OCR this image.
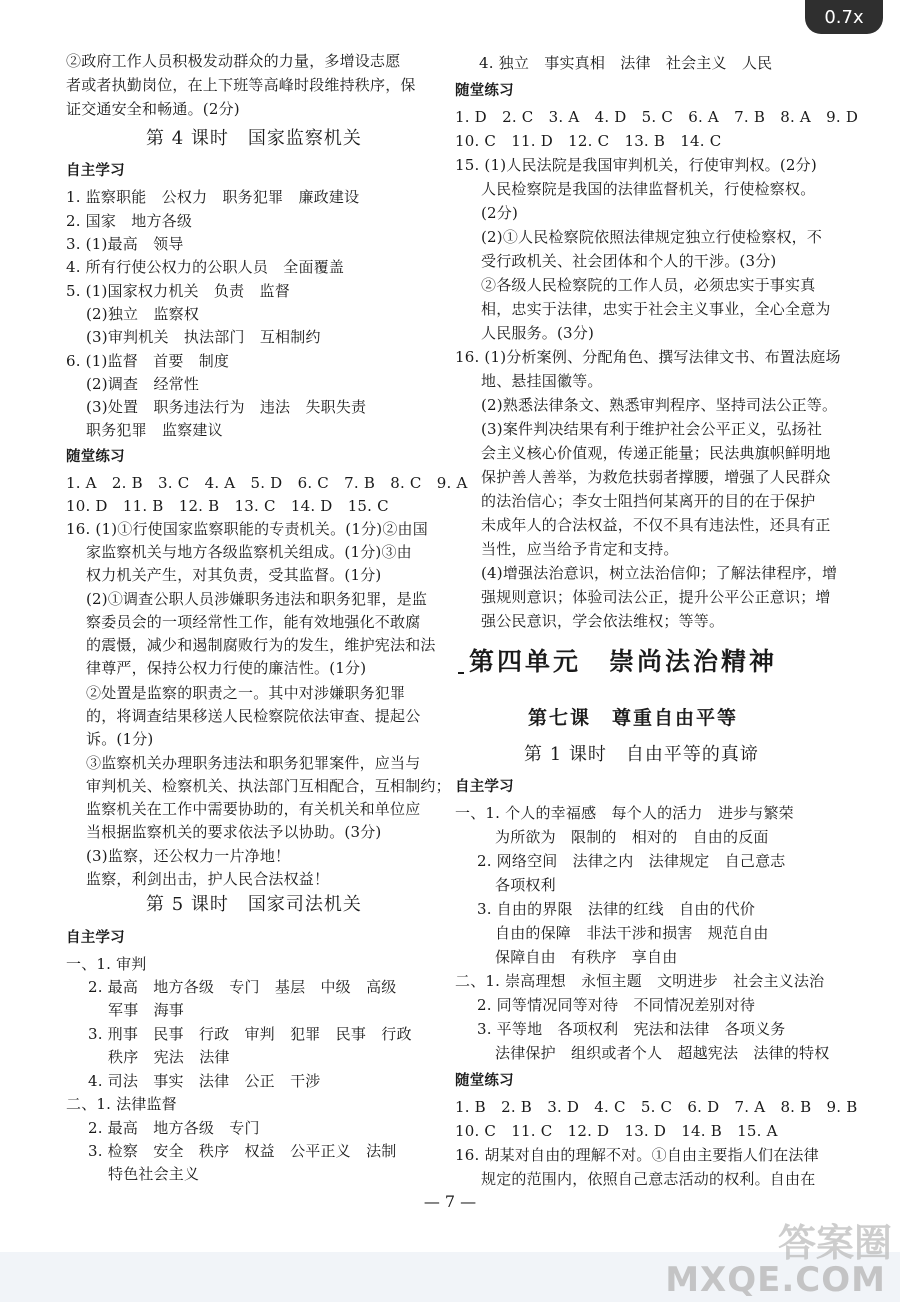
0.7x
②政府工作人员积极发动群众的力量，多增设志愿
者或者执勤岗位，在上下班等高峰时段维持秩序，保
证交通安全和畅通。(2分)
第 4 课时　国家监察机关
自主学习
1. 监察职能　公权力　职务犯罪　廉政建设
2. 国家　地方各级
3. (1)最高　领导
4. 所有行使公权力的公职人员　全面覆盖
5. (1)国家权力机关　负责　监督
(2)独立　监察权
(3)审判机关　执法部门　互相制约
6. (1)监督　首要　制度
(2)调查　经常性
(3)处置　职务违法行为　违法　失职失责
职务犯罪　监察建议
随堂练习
1. A　2. B　3. C　4. A　5. D　6. C　7. B　8. C　9. A
10. D　11. B　12. B　13. C　14. D　15. C
16. (1)①行使国家监察职能的专责机关。(1分)②由国
家监察机关与地方各级监察机关组成。(1分)③由
权力机关产生，对其负责，受其监督。(1分)
(2)①调查公职人员涉嫌职务违法和职务犯罪，是监
察委员会的一项经常性工作，能有效地强化不敢腐
的震慑，减少和遏制腐败行为的发生，维护宪法和法
律尊严，保持公权力行使的廉洁性。(1分)
②处置是监察的职责之一。其中对涉嫌职务犯罪
的，将调查结果移送人民检察院依法审查、提起公
诉。(1分)
③监察机关办理职务违法和职务犯罪案件，应当与
审判机关、检察机关、执法部门互相配合，互相制约；
监察机关在工作中需要协助的，有关机关和单位应
当根据监察机关的要求依法予以协助。(3分)
(3)监察，还公权力一片净地！
监察，利剑出击，护人民合法权益！
第 5 课时　国家司法机关
自主学习
一、1. 审判
2. 最高　地方各级　专门　基层　中级　高级
军事　海事
3. 刑事　民事　行政　审判　犯罪　民事　行政
秩序　宪法　法律
4. 司法　事实　法律　公正　干涉
二、1. 法律监督
2. 最高　地方各级　专门
3. 检察　安全　秩序　权益　公平正义　法制
特色社会主义
4. 独立　事实真相　法律　社会主义　人民
随堂练习
1. D　2. C　3. A　4. D　5. C　6. A　7. B　8. A　9. D
10. C　11. D　12. C　13. B　14. C
15. (1)人民法院是我国审判机关，行使审判权。(2分)
人民检察院是我国的法律监督机关，行使检察权。
(2分)
(2)①人民检察院依照法律规定独立行使检察权，不
受行政机关、社会团体和个人的干涉。(3分)
②各级人民检察院的工作人员，必须忠实于事实真
相，忠实于法律，忠实于社会主义事业，全心全意为
人民服务。(3分)
16. (1)分析案例、分配角色、撰写法律文书、布置法庭场
地、悬挂国徽等。
(2)熟悉法律条文、熟悉审判程序、坚持司法公正等。
(3)案件判决结果有利于维护社会公平正义，弘扬社
会主义核心价值观，传递正能量；民法典旗帜鲜明地
保护善人善举，为救危扶弱者撑腰，增强了人民群众
的法治信心；李女士阻挡何某离开的目的在于保护
未成年人的合法权益，不仅不具有违法性，还具有正
当性，应当给予肯定和支持。
(4)增强法治意识，树立法治信仰；了解法律程序，增
强规则意识；体验司法公正，提升公平公正意识；增
强公民意识，学会依法维权；等等。
自主学习
一、1. 个人的幸福感　每个人的活力　进步与繁荣
为所欲为　限制的　相对的　自由的反面
2. 网络空间　法律之内　法律规定　自己意志
各项权利
3. 自由的界限　法律的红线　自由的代价
自由的保障　非法干涉和损害　规范自由
保障自由　有秩序　享自由
二、1. 崇高理想　永恒主题　文明进步　社会主义法治
2. 同等情况同等对待　不同情况差别对待
3. 平等地　各项权利　宪法和法律　各项义务
法律保护　组织或者个人　超越宪法　法律的特权
随堂练习
1. B　2. B　3. D　4. C　5. C　6. D　7. A　8. B　9. B
10. C　11. C　12. D　13. D　14. B　15. A
16. 胡某对自由的理解不对。①自由主要指人们在法律
规定的范围内，依照自己意志活动的权利。自由在
第四单元　崇尚法治精神
第七课　尊重自由平等
第 1 课时　自由平等的真谛
— 7 —
答案圈
MXQE.COM
